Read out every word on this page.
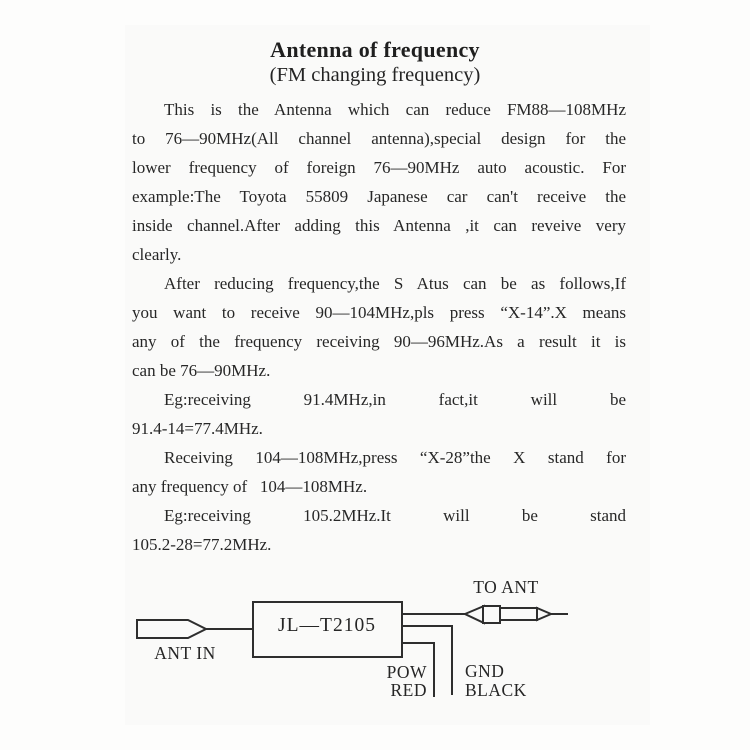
Antenna of frequency
(FM changing frequency)
This is the Antenna which can reduce FM88—108MHz
to 76—90MHz(All channel antenna),special design for the
lower frequency of foreign 76—90MHz auto acoustic. For
example:The Toyota 55809 Japanese car can't receive the
inside channel.After adding this Antenna ,it can reveive very
clearly.
After reducing frequency,the S Atus can be as follows,If
you want to receive 90—104MHz,pls press “X-14”.X means
any of the frequency receiving 90—96MHz.As a result it is
can be 76—90MHz.
Eg:receiving 91.4MHz,in fact,it will be
91.4-14=77.4MHz.
Receiving 104—108MHz,press “X-28”the X stand for
any frequency of   104—108MHz.
Eg:receiving 105.2MHz.It will be stand
105.2-28=77.2MHz.
JL—T2105
ANT IN
TO ANT
POW
RED
GND
BLACK
